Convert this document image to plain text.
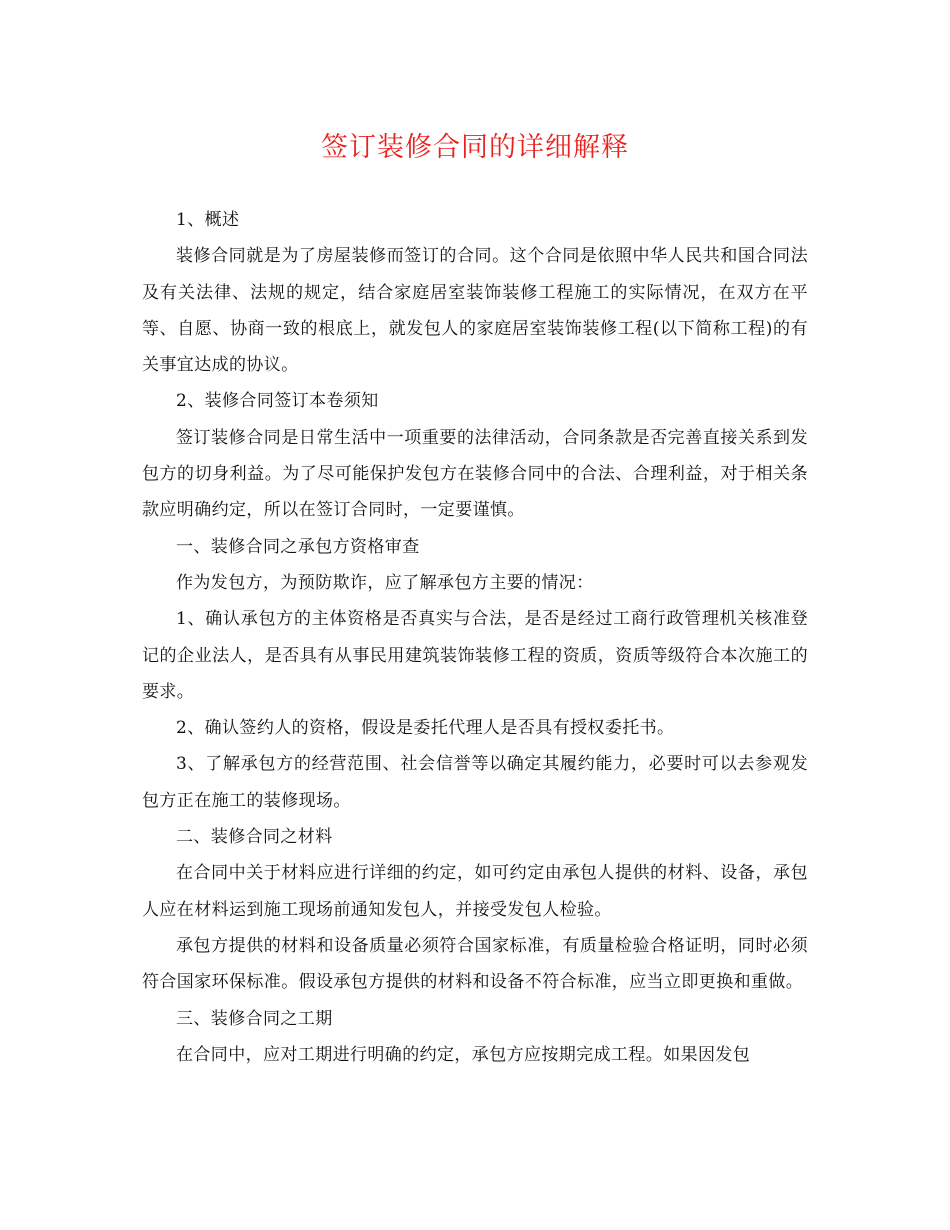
签订装修合同的详细解释

1、概述

装修合同就是为了房屋装修而签订的合同。这个合同是依照中华人民共和国合同法及有关法律、法规的规定，结合家庭居室装饰装修工程施工的实际情况，在双方在平等、自愿、协商一致的根底上，就发包人的家庭居室装饰装修工程(以下简称工程)的有关事宜达成的协议。

2、装修合同签订本卷须知

签订装修合同是日常生活中一项重要的法律活动，合同条款是否完善直接关系到发包方的切身利益。为了尽可能保护发包方在装修合同中的合法、合理利益，对于相关条款应明确约定，所以在签订合同时，一定要谨慎。

一、装修合同之承包方资格审查

作为发包方，为预防欺诈，应了解承包方主要的情况：

1、确认承包方的主体资格是否真实与合法，是否是经过工商行政管理机关核准登记的企业法人，是否具有从事民用建筑装饰装修工程的资质，资质等级符合本次施工的要求。

2、确认签约人的资格，假设是委托代理人是否具有授权委托书。

3、了解承包方的经营范围、社会信誉等以确定其履约能力，必要时可以去参观发包方正在施工的装修现场。

二、装修合同之材料

在合同中关于材料应进行详细的约定，如可约定由承包人提供的材料、设备，承包人应在材料运到施工现场前通知发包人，并接受发包人检验。

承包方提供的材料和设备质量必须符合国家标准，有质量检验合格证明，同时必须符合国家环保标准。假设承包方提供的材料和设备不符合标准，应当立即更换和重做。

三、装修合同之工期

在合同中，应对工期进行明确的约定，承包方应按期完成工程。如果因发包
